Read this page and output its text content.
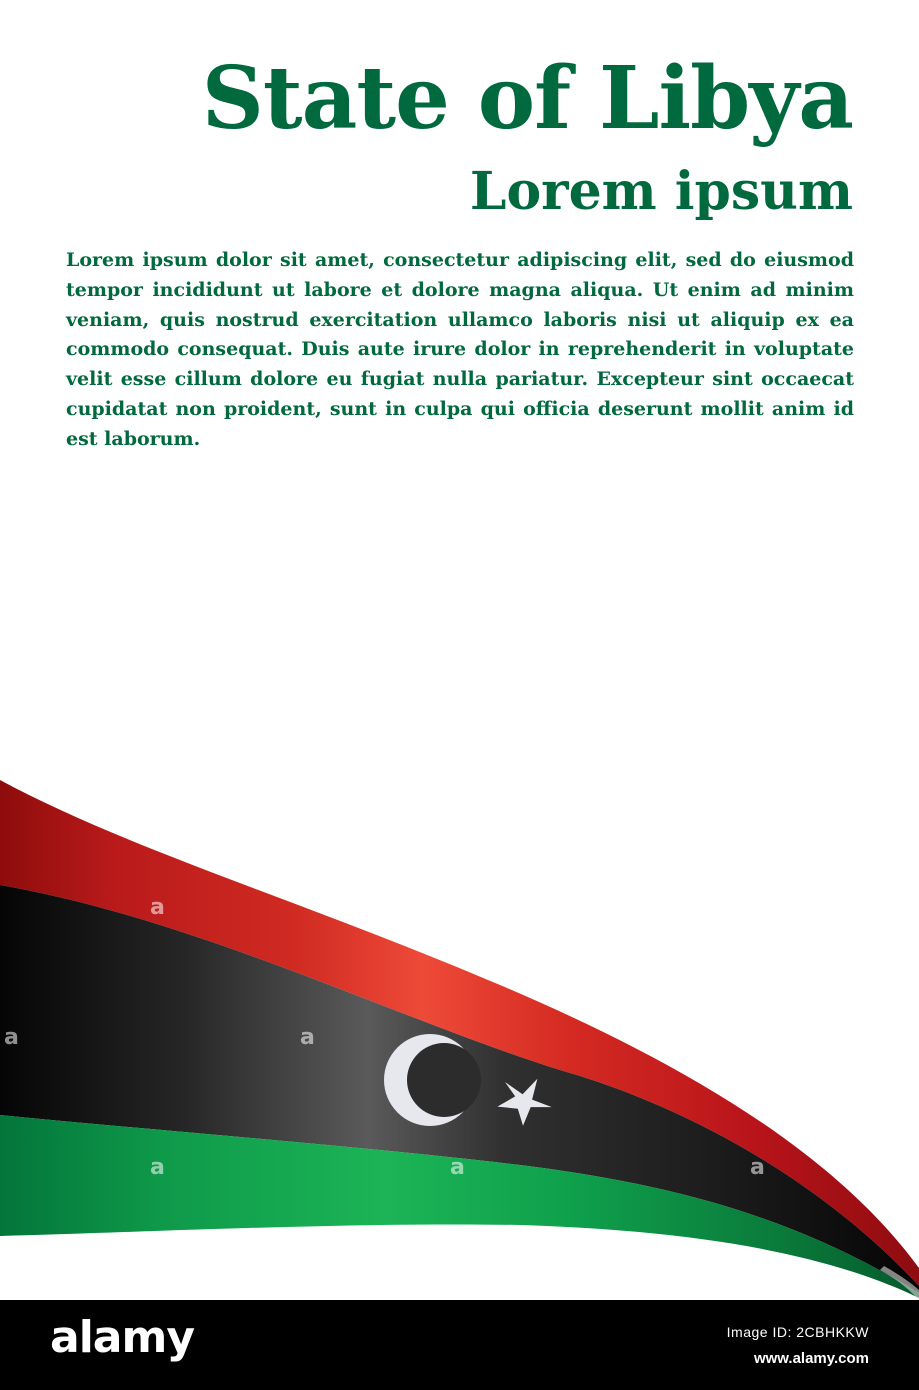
State of Libya
Lorem ipsum

Lorem ipsum dolor sit amet, consectetur adipiscing elit, sed do eiusmod tempor incididunt ut labore et dolore magna aliqua. Ut enim ad minim veniam, quis nostrud exercitation ullamco laboris nisi ut aliquip ex ea commodo consequat. Duis aute irure dolor in reprehenderit in voluptate velit esse cillum dolore eu fugiat nulla pariatur. Excepteur sint occaecat cupidatat non proident, sunt in culpa qui officia deserunt mollit anim id est laborum.

a	a
a	a
a	a	a
alamy	Image ID: 2CBHKKW
www.alamy.com
